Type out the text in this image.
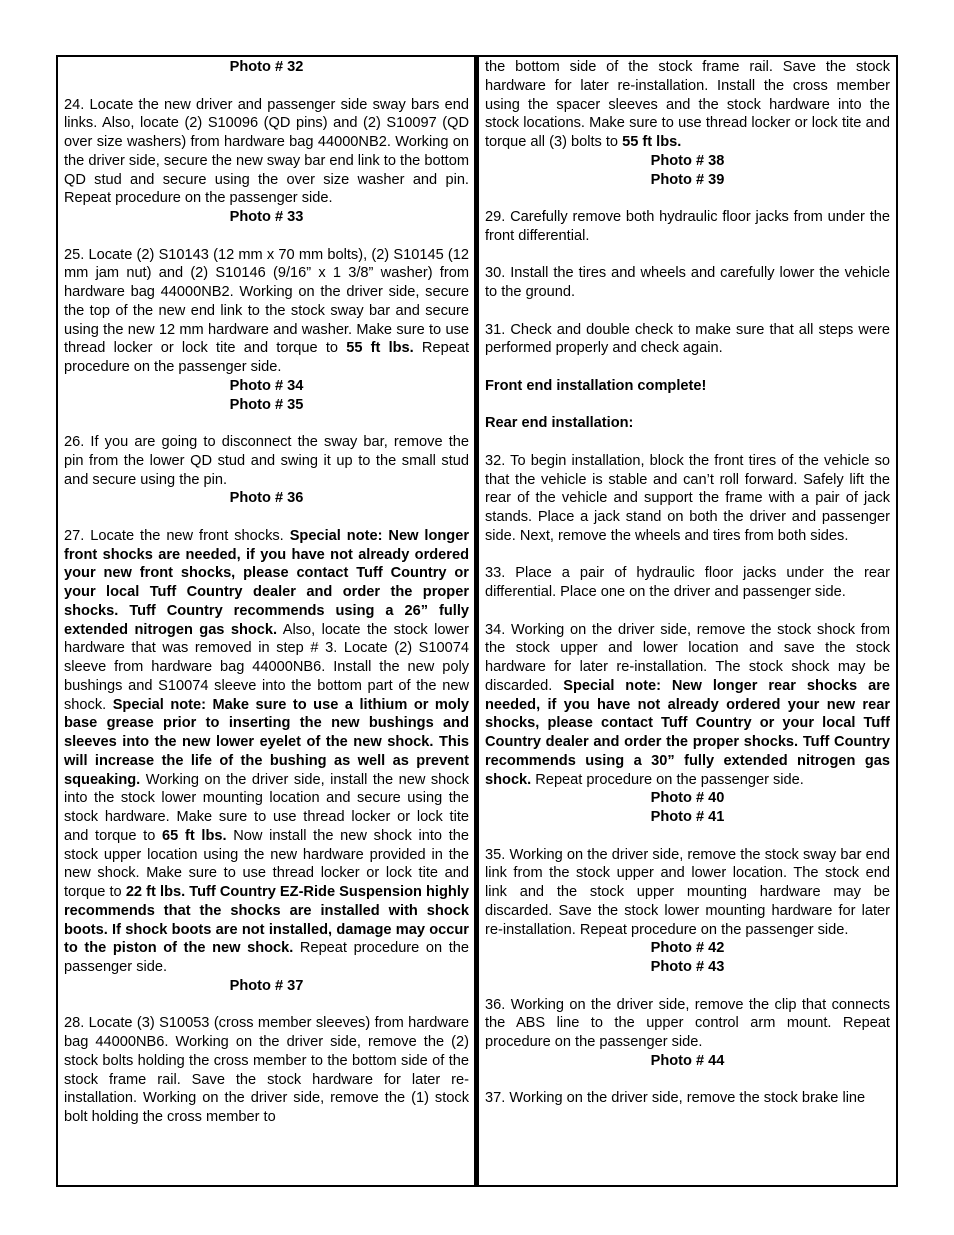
Photo # 32

24. Locate the new driver and passenger side sway bars end links. Also, locate (2) S10096 (QD pins) and (2) S10097 (QD over size washers) from hardware bag 44000NB2. Working on the driver side, secure the new sway bar end link to the bottom QD stud and secure using the over size washer and pin. Repeat procedure on the passenger side.

Photo # 33

25. Locate (2) S10143 (12 mm x 70 mm bolts), (2) S10145 (12 mm jam nut) and (2) S10146 (9/16” x 1 3/8” washer) from hardware bag 44000NB2. Working on the driver side, secure the top of the new end link to the stock sway bar and secure using the new 12 mm hardware and washer. Make sure to use thread locker or lock tite and torque to 55 ft lbs. Repeat procedure on the passenger side.

Photo # 34

Photo # 35

26. If you are going to disconnect the sway bar, remove the pin from the lower QD stud and swing it up to the small stud and secure using the pin.

Photo # 36

27. Locate the new front shocks. Special note: New longer front shocks are needed, if you have not already ordered your new front shocks, please contact Tuff Country or your local Tuff Country dealer and order the proper shocks. Tuff Country recommends using a 26” fully extended nitrogen gas shock. Also, locate the stock lower hardware that was removed in step # 3. Locate (2) S10074 sleeve from hardware bag 44000NB6. Install the new poly bushings and S10074 sleeve into the bottom part of the new shock. Special note: Make sure to use a lithium or moly base grease prior to inserting the new bushings and sleeves into the new lower eyelet of the new shock. This will increase the life of the bushing as well as prevent squeaking. Working on the driver side, install the new shock into the stock lower mounting location and secure using the stock hardware. Make sure to use thread locker or lock tite and torque to 65 ft lbs. Now install the new shock into the stock upper location using the new hardware provided in the new shock. Make sure to use thread locker or lock tite and torque to 22 ft lbs. Tuff Country EZ-Ride Suspension highly recommends that the shocks are installed with shock boots. If shock boots are not installed, damage may occur to the piston of the new shock. Repeat procedure on the passenger side.

Photo # 37

28. Locate (3) S10053 (cross member sleeves) from hardware bag 44000NB6. Working on the driver side, remove the (2) stock bolts holding the cross member to the bottom side of the stock frame rail. Save the stock hardware for later re-installation. Working on the driver side, remove the (1) stock bolt holding the cross member to

the bottom side of the stock frame rail. Save the stock hardware for later re-installation. Install the cross member using the spacer sleeves and the stock hardware into the stock locations. Make sure to use thread locker or lock tite and torque all (3) bolts to 55 ft lbs.

Photo # 38

Photo # 39

29. Carefully remove both hydraulic floor jacks from under the front differential.

30. Install the tires and wheels and carefully lower the vehicle to the ground.

31. Check and double check to make sure that all steps were performed properly and check again.

Front end installation complete!

Rear end installation:

32. To begin installation, block the front tires of the vehicle so that the vehicle is stable and can’t roll forward. Safely lift the rear of the vehicle and support the frame with a pair of jack stands. Place a jack stand on both the driver and passenger side. Next, remove the wheels and tires from both sides.

33. Place a pair of hydraulic floor jacks under the rear differential. Place one on the driver and passenger side.

34. Working on the driver side, remove the stock shock from the stock upper and lower location and save the stock hardware for later re-installation. The stock shock may be discarded. Special note: New longer rear shocks are needed, if you have not already ordered your new rear shocks, please contact Tuff Country or your local Tuff Country dealer and order the proper shocks. Tuff Country recommends using a 30” fully extended nitrogen gas shock. Repeat procedure on the passenger side.

Photo # 40

Photo # 41

35. Working on the driver side, remove the stock sway bar end link from the stock upper and lower location. The stock end link and the stock upper mounting hardware may be discarded. Save the stock lower mounting hardware for later re-installation. Repeat procedure on the passenger side.

Photo # 42

Photo # 43

36. Working on the driver side, remove the clip that connects the ABS line to the upper control arm mount. Repeat procedure on the passenger side.

Photo # 44

37. Working on the driver side, remove the stock brake line
